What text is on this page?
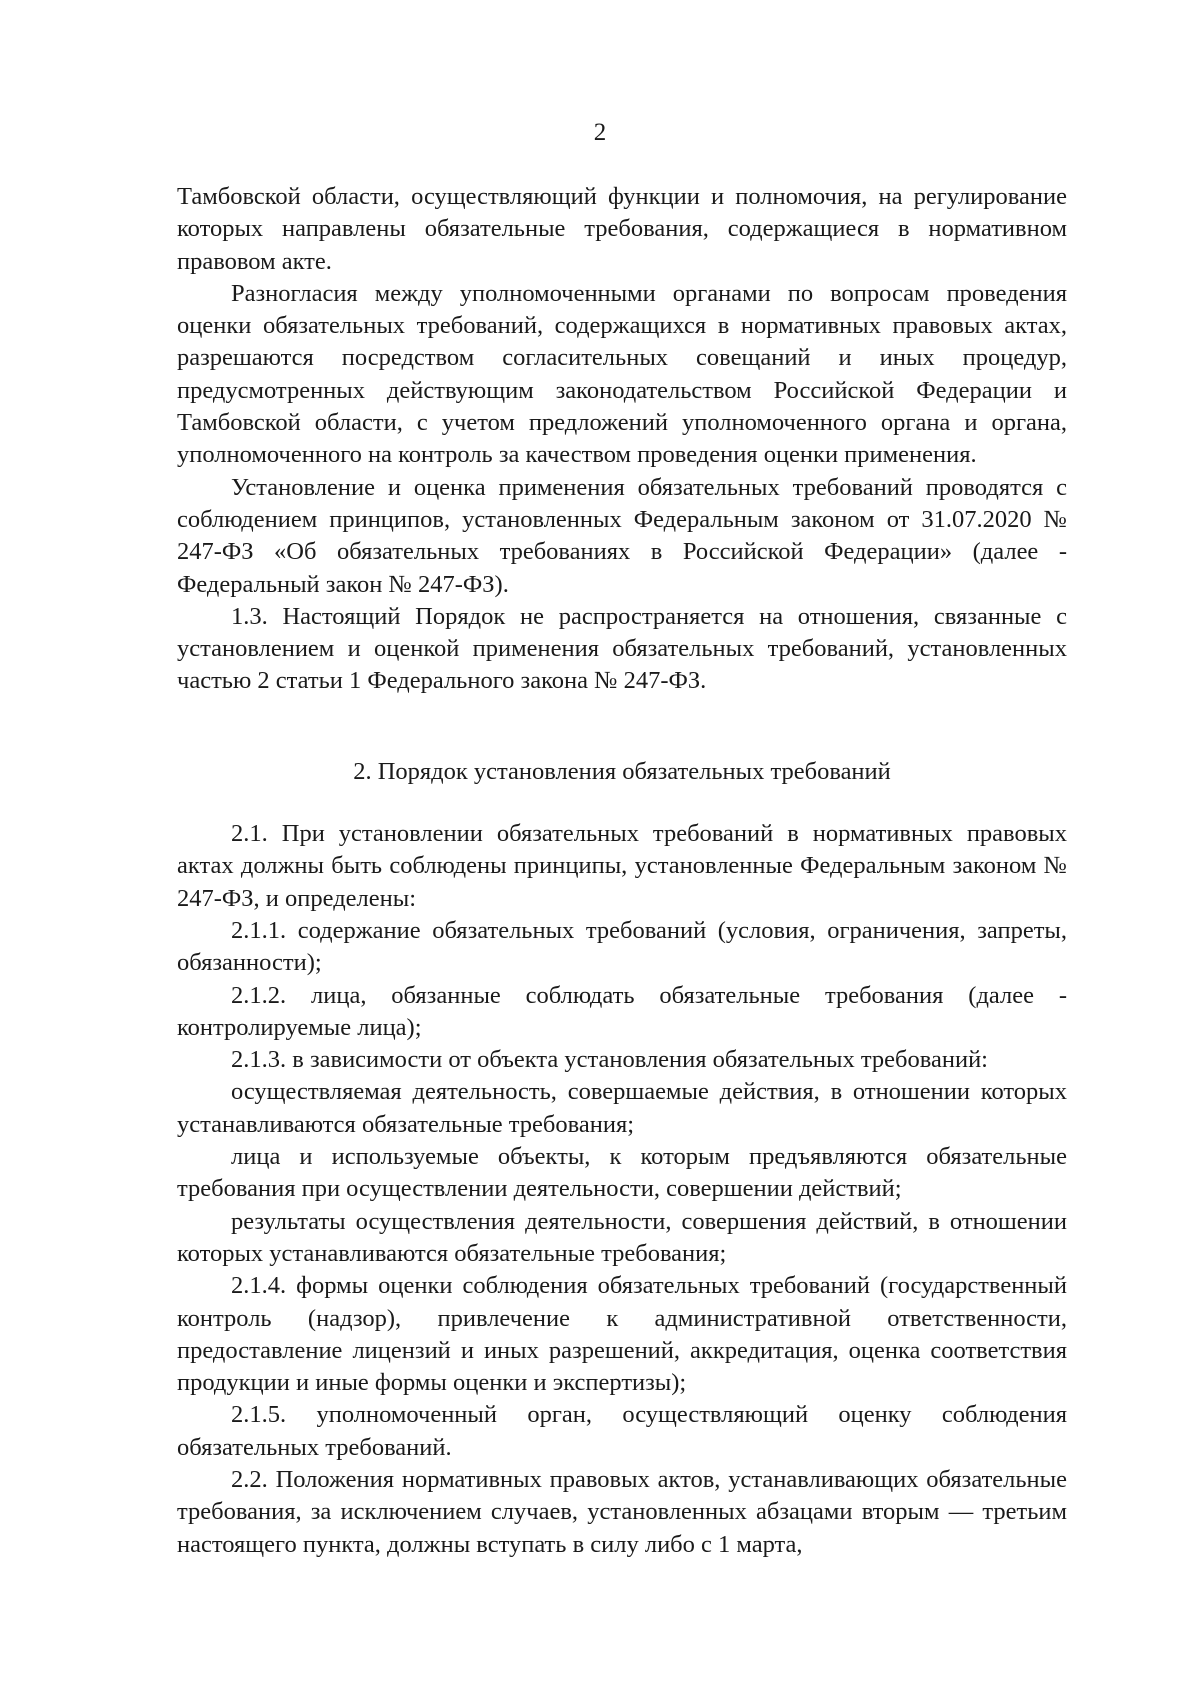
2

Тамбовской области, осуществляющий функции и полномочия, на регулирование которых направлены обязательные требования, содержащиеся в нормативном правовом акте.

Разногласия между уполномоченными органами по вопросам проведения оценки обязательных требований, содержащихся в нормативных правовых актах, разрешаются посредством согласительных совещаний и иных процедур, предусмотренных действующим законодательством Российской Федерации и Тамбовской области, с учетом предложений уполномоченного органа и органа, уполномоченного на контроль за качеством проведения оценки применения.

Установление и оценка применения обязательных требований проводятся с соблюдением принципов, установленных Федеральным законом от 31.07.2020 № 247-ФЗ «Об обязательных требованиях в Российской Федерации» (далее - Федеральный закон № 247-ФЗ).

1.3. Настоящий Порядок не распространяется на отношения, связанные с установлением и оценкой применения обязательных требований, установленных частью 2 статьи 1 Федерального закона № 247-ФЗ.

2. Порядок установления обязательных требований

2.1. При установлении обязательных требований в нормативных правовых актах должны быть соблюдены принципы, установленные Федеральным законом № 247-ФЗ, и определены:

2.1.1. содержание обязательных требований (условия, ограничения, запреты, обязанности);

2.1.2. лица, обязанные соблюдать обязательные требования (далее - контролируемые лица);

2.1.3. в зависимости от объекта установления обязательных требований:

осуществляемая деятельность, совершаемые действия, в отношении которых устанавливаются обязательные требования;

лица и используемые объекты, к которым предъявляются обязательные требования при осуществлении деятельности, совершении действий;

результаты осуществления деятельности, совершения действий, в отношении которых устанавливаются обязательные требования;

2.1.4. формы оценки соблюдения обязательных требований (государственный контроль (надзор), привлечение к административной ответственности, предоставление лицензий и иных разрешений, аккредитация, оценка соответствия продукции и иные формы оценки и экспертизы);

2.1.5. уполномоченный орган, осуществляющий оценку соблюдения обязательных требований.

2.2. Положения нормативных правовых актов, устанавливающих обязательные требования, за исключением случаев, установленных абзацами вторым — третьим настоящего пункта, должны вступать в силу либо с 1 марта,
